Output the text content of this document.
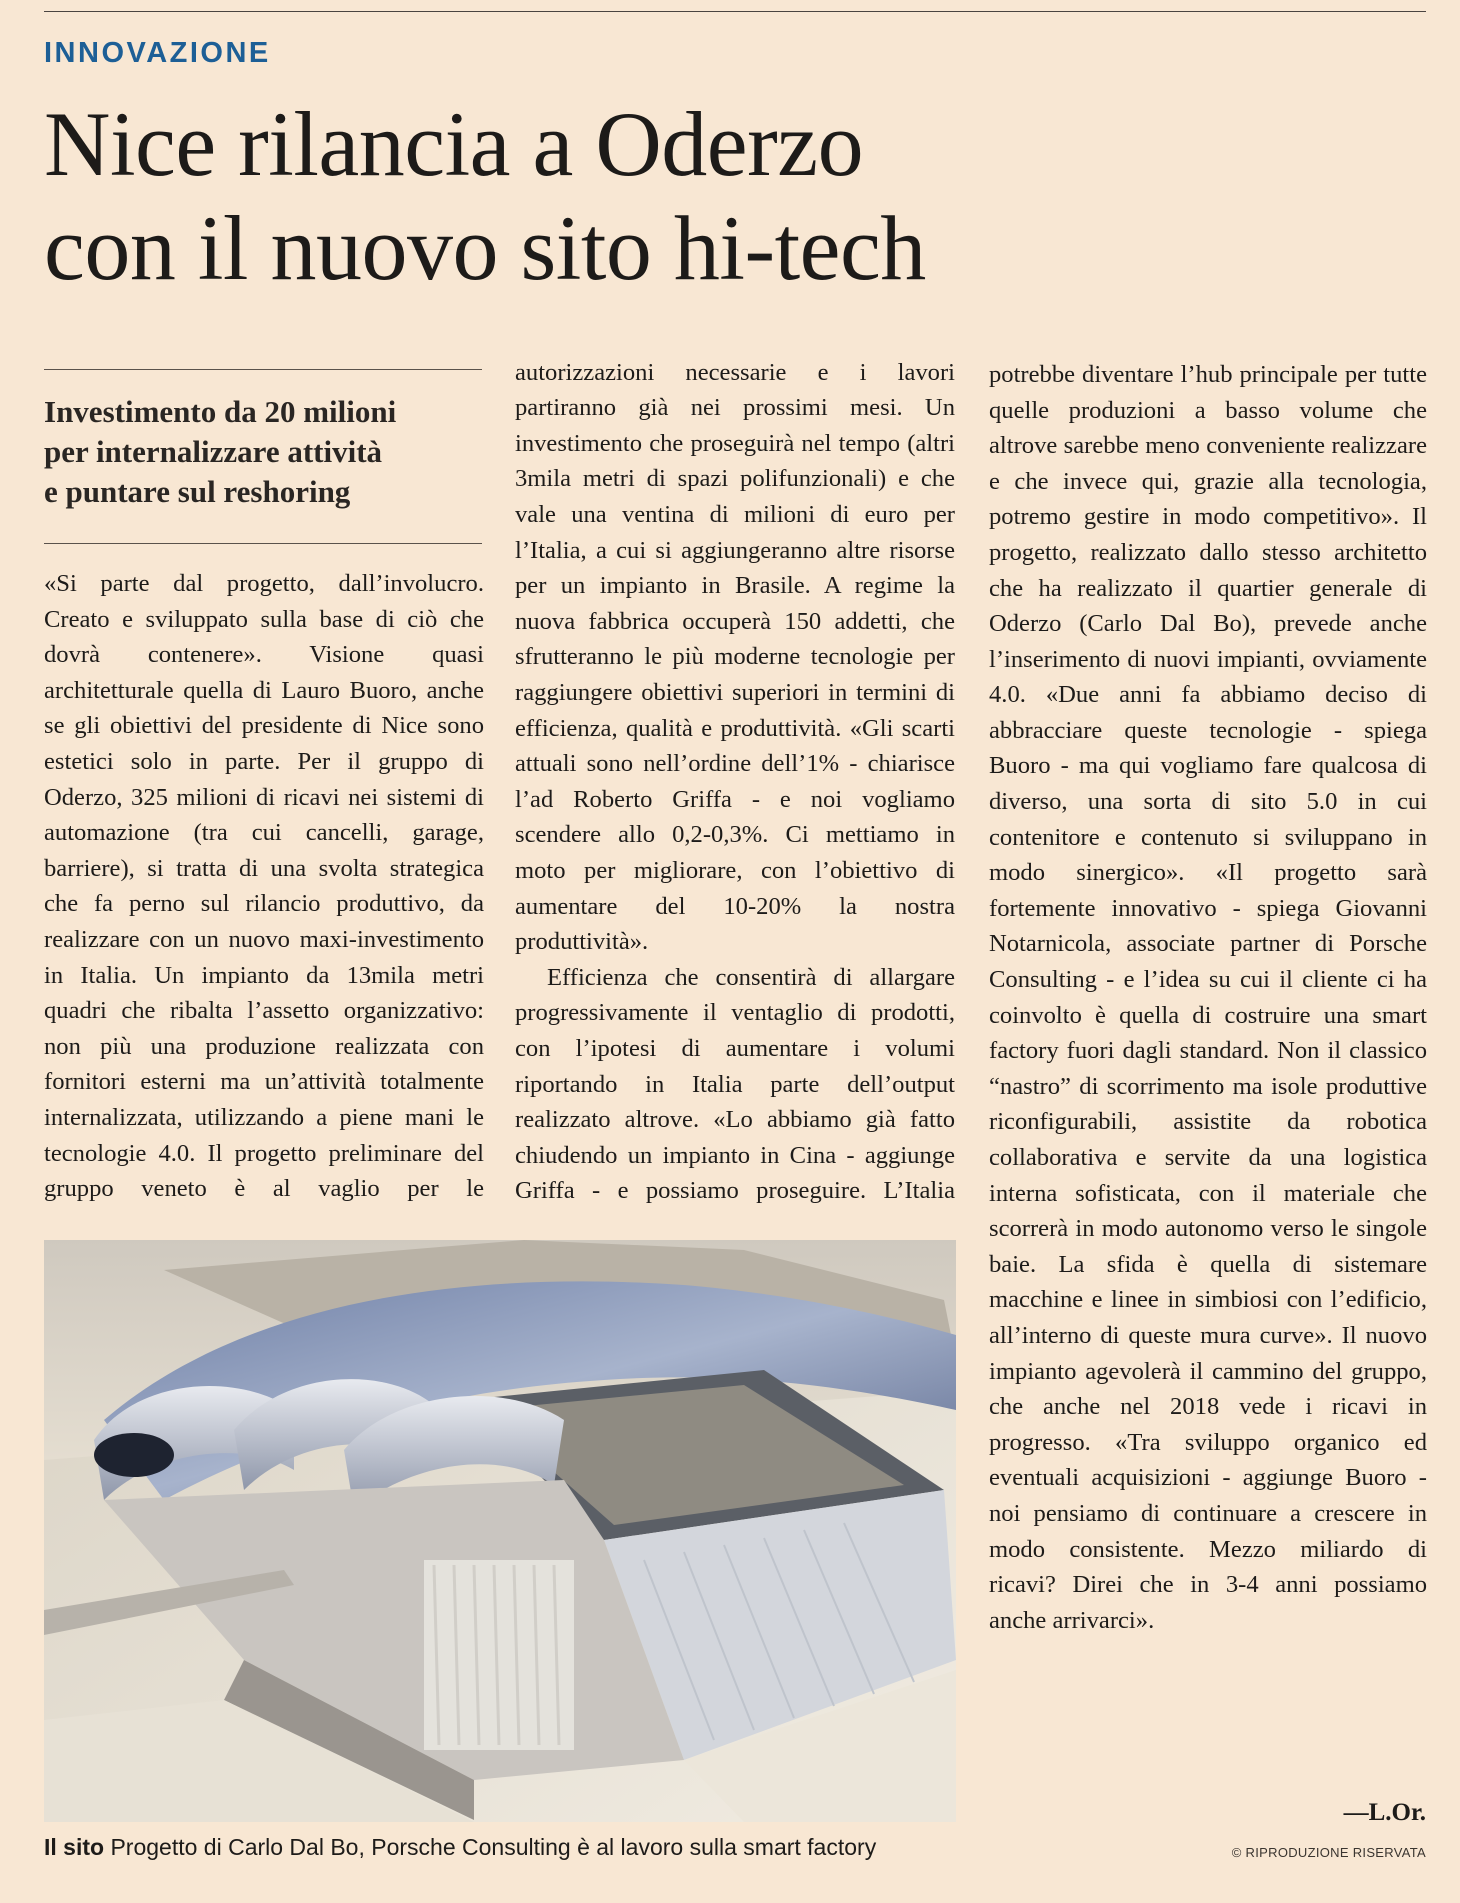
INNOVAZIONE
Nice rilancia a Oderzo
con il nuovo sito hi-tech
Investimento da 20 milioni
per internalizzare attività
e puntare sul reshoring

«Si parte dal progetto, dall’involucro. Creato e sviluppato sulla base di ciò che dovrà contenere». Visione quasi architetturale quella di Lauro Buoro, anche se gli obiettivi del presidente di Nice sono estetici solo in parte. Per il gruppo di Oderzo, 325 milioni di ricavi nei sistemi di automazione (tra cui cancelli, garage, barriere), si tratta di una svolta strategica che fa perno sul rilancio produttivo, da realizzare con un nuovo maxi-investimento in Italia. Un impianto da 13mila metri quadri che ribalta l’assetto organizzativo: non più una produzione realizzata con fornitori esterni ma un’attività totalmente internalizzata, utilizzando a piene mani le tecnologie 4.0. Il progetto preliminare del gruppo veneto è al vaglio per le

autorizzazioni necessarie e i lavori partiranno già nei prossimi mesi. Un investimento che proseguirà nel tempo (altri 3mila metri di spazi polifunzionali) e che vale una ventina di milioni di euro per l’Italia, a cui si aggiungeranno altre risorse per un impianto in Brasile. A regime la nuova fabbrica occuperà 150 addetti, che sfrutteranno le più moderne tecnologie per raggiungere obiettivi superiori in termini di efficienza, qualità e produttività. «Gli scarti attuali sono nell’ordine dell’1% - chiarisce l’ad Roberto Griffa - e noi vogliamo scendere allo 0,2-0,3%. Ci mettiamo in moto per migliorare, con l’obiettivo di aumentare del 10-20% la nostra produttività».

Efficienza che consentirà di allargare progressivamente il ventaglio di prodotti, con l’ipotesi di aumentare i volumi riportando in Italia parte dell’output realizzato altrove. «Lo abbiamo già fatto chiudendo un impianto in Cina - aggiunge Griffa - e possiamo proseguire. L’Italia

potrebbe diventare l’hub principale per tutte quelle produzioni a basso volume che altrove sarebbe meno conveniente realizzare e che invece qui, grazie alla tecnologia, potremo gestire in modo competitivo». Il progetto, realizzato dallo stesso architetto che ha realizzato il quartier generale di Oderzo (Carlo Dal Bo), prevede anche l’inserimento di nuovi impianti, ovviamente 4.0. «Due anni fa abbiamo deciso di abbracciare queste tecnologie - spiega Buoro - ma qui vogliamo fare qualcosa di diverso, una sorta di sito 5.0 in cui contenitore e contenuto si sviluppano in modo sinergico». «Il progetto sarà fortemente innovativo - spiega Giovanni Notarnicola, associate partner di Porsche Consulting - e l’idea su cui il cliente ci ha coinvolto è quella di costruire una smart factory fuori dagli standard. Non il classico “nastro” di scorrimento ma isole produttive riconfigurabili, assistite da robotica collaborativa e servite da una logistica interna sofisticata, con il materiale che scorrerà in modo autonomo verso le singole baie. La sfida è quella di sistemare macchine e linee in simbiosi con l’edificio, all’interno di queste mura curve». Il nuovo impianto agevolerà il cammino del gruppo, che anche nel 2018 vede i ricavi in progresso. «Tra sviluppo organico ed eventuali acquisizioni - aggiunge Buoro - noi pensiamo di continuare a crescere in modo consistente. Mezzo miliardo di ricavi? Direi che in 3-4 anni possiamo anche arrivarci».

—L.Or.
Il sito Progetto di Carlo Dal Bo, Porsche Consulting è al lavoro sulla smart factory	© RIPRODUZIONE RISERVATA
